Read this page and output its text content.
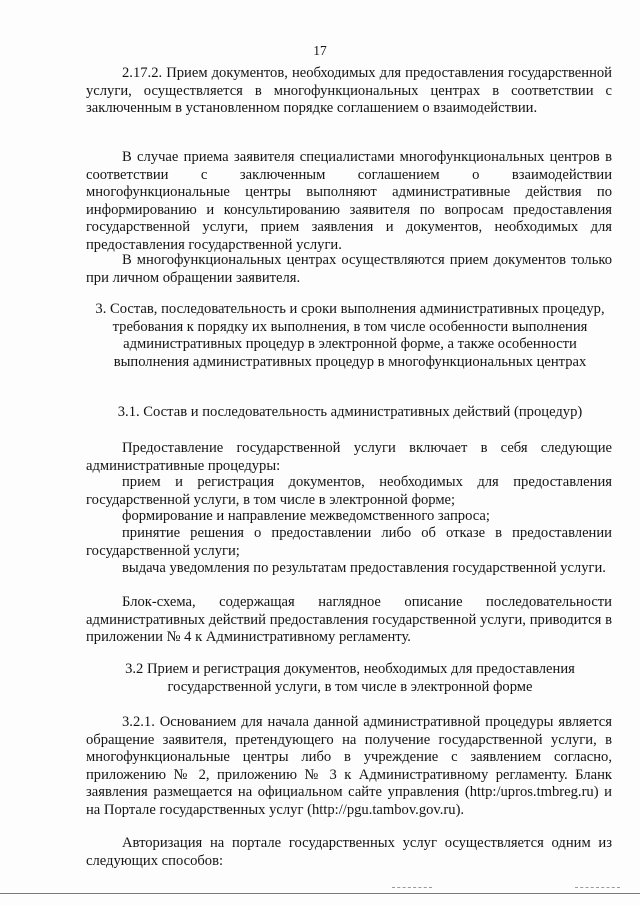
17

2.17.2. Прием документов, необходимых для предоставления государственной услуги, осуществляется в многофункциональных центрах в соответствии с заключенным в установленном порядке соглашением о взаимодействии.

В случае приема заявителя специалистами многофункциональных центров в соответствии с заключенным соглашением о взаимодействии многофункциональные центры выполняют административные действия по информированию и консультированию заявителя по вопросам предоставления государственной услуги, прием заявления и документов, необходимых для предоставления государственной услуги.

В многофункциональных центрах осуществляются прием документов только при личном обращении заявителя.

3. Состав, последовательность и сроки выполнения административных процедур, требования к порядку их выполнения, в том числе особенности выполнения административных процедур в электронной форме, а также особенности выполнения административных процедур в многофункциональных центрах

3.1. Состав и последовательность административных действий (процедур)

Предоставление государственной услуги включает в себя следующие административные процедуры:

прием и регистрация документов, необходимых для предоставления государственной услуги, в том числе в электронной форме;

формирование и направление межведомственного запроса;

принятие решения о предоставлении либо об отказе в предоставлении государственной услуги;

выдача уведомления по результатам предоставления государственной услуги.

Блок-схема, содержащая наглядное описание последовательности административных действий предоставления государственной услуги, приводится в приложении № 4 к Административному регламенту.

3.2 Прием и регистрация документов, необходимых для предоставления государственной услуги, в том числе в электронной форме

3.2.1. Основанием для начала данной административной процедуры является обращение заявителя, претендующего на получение государственной услуги, в многофункциональные центры либо в учреждение с заявлением согласно, приложению № 2, приложению № 3 к Административному регламенту. Бланк заявления размещается на официальном сайте управления (http:/upros.tmbreg.ru) и на Портале государственных услуг (http://pgu.tambov.gov.ru).

Авторизация на портале государственных услуг осуществляется одним из следующих способов:
